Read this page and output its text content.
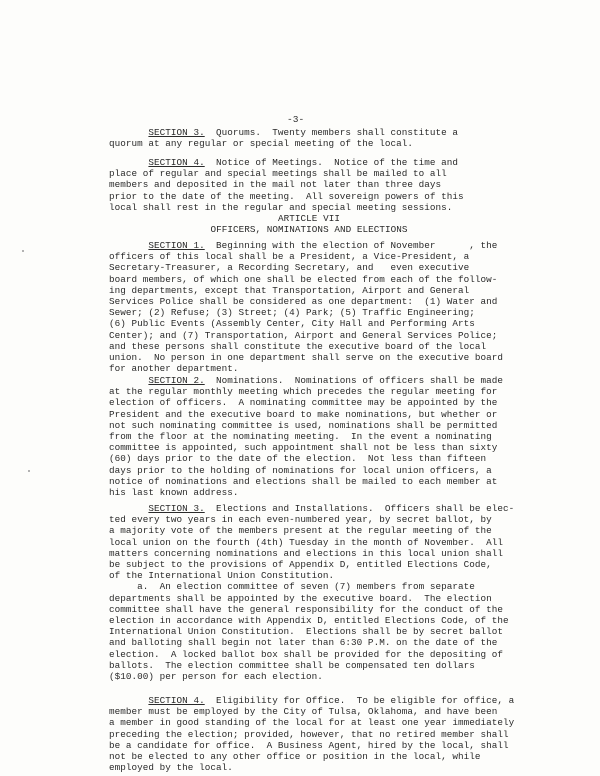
-3-
SECTION 3.  Quorums.  Twenty members shall constitute a
quorum at any regular or special meeting of the local.
SECTION 4.  Notice of Meetings.  Notice of the time and
place of regular and special meetings shall be mailed to all
members and deposited in the mail not later than three days
prior to the date of the meeting.  All sovereign powers of this
local shall rest in the regular and special meeting sessions.
ARTICLE VII
OFFICERS, NOMINATIONS AND ELECTIONS
SECTION 1.  Beginning with the election of November      , the
officers of this local shall be a President, a Vice-President, a
Secretary-Treasurer, a Recording Secretary, and   even executive
board members, of which one shall be elected from each of the follow-
ing departments, except that Transportation, Airport and General
Services Police shall be considered as one department:  (1) Water and
Sewer; (2) Refuse; (3) Street; (4) Park; (5) Traffic Engineering;
(6) Public Events (Assembly Center, City Hall and Performing Arts
Center); and (7) Transportation, Airport and General Services Police;
and these persons shall constitute the executive board of the local
union.  No person in one department shall serve on the executive board
for another department.
SECTION 2.  Nominations.  Nominations of officers shall be made
at the regular monthly meeting which precedes the regular meeting for
election of officers.  A nominating committee may be appointed by the
President and the executive board to make nominations, but whether or
not such nominating committee is used, nominations shall be permitted
from the floor at the nominating meeting.  In the event a nominating
committee is appointed, such appointment shall not be less than sixty
(60) days prior to the date of the election.  Not less than fifteen
days prior to the holding of nominations for local union officers, a
notice of nominations and elections shall be mailed to each member at
his last known address.
SECTION 3.  Elections and Installations.  Officers shall be elec-
ted every two years in each even-numbered year, by secret ballot, by
a majority vote of the members present at the regular meeting of the
local union on the fourth (4th) Tuesday in the month of November.  All
matters concerning nominations and elections in this local union shall
be subject to the provisions of Appendix D, entitled Elections Code,
of the International Union Constitution.
a.  An election committee of seven (7) members from separate
departments shall be appointed by the executive board.  The election
committee shall have the general responsibility for the conduct of the
election in accordance with Appendix D, entitled Elections Code, of the
International Union Constitution.  Elections shall be by secret ballot
and balloting shall begin not later than 6:30 P.M. on the date of the
election.  A locked ballot box shall be provided for the depositing of
ballots.  The election committee shall be compensated ten dollars
($10.00) per person for each election.
SECTION 4.  Eligibility for Office.  To be eligible for office, a
member must be employed by the City of Tulsa, Oklahoma, and have been
a member in good standing of the local for at least one year immediately
preceding the election; provided, however, that no retired member shall
be a candidate for office.  A Business Agent, hired by the local, shall
not be elected to any other office or position in the local, while
employed by the local.
